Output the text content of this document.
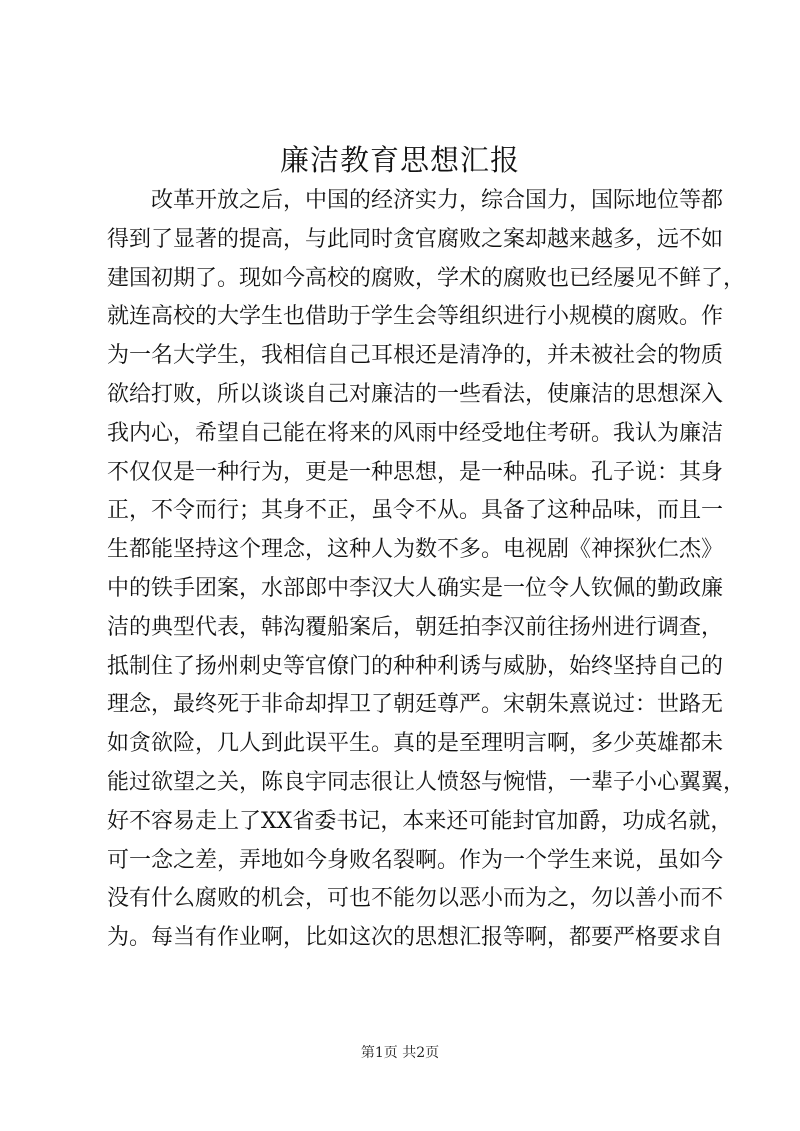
廉洁教育思想汇报
改革开放之后，中国的经济实力，综合国力，国际地位等都
得到了显著的提高，与此同时贪官腐败之案却越来越多，远不如
建国初期了。现如今高校的腐败，学术的腐败也已经屡见不鲜了，
就连高校的大学生也借助于学生会等组织进行小规模的腐败。作
为一名大学生，我相信自己耳根还是清净的，并未被社会的物质
欲给打败，所以谈谈自己对廉洁的一些看法，使廉洁的思想深入
我内心，希望自己能在将来的风雨中经受地住考研。我认为廉洁
不仅仅是一种行为，更是一种思想，是一种品味。孔子说：其身
正，不令而行；其身不正，虽令不从。具备了这种品味，而且一
生都能坚持这个理念，这种人为数不多。电视剧《神探狄仁杰》
中的铁手团案，水部郎中李汉大人确实是一位令人钦佩的勤政廉
洁的典型代表，韩沟覆船案后，朝廷拍李汉前往扬州进行调查，
抵制住了扬州刺史等官僚门的种种利诱与威胁，始终坚持自己的
理念，最终死于非命却捍卫了朝廷尊严。宋朝朱熹说过：世路无
如贪欲险，几人到此误平生。真的是至理明言啊，多少英雄都未
能过欲望之关，陈良宇同志很让人愤怒与惋惜，一辈子小心翼翼，
好不容易走上了XX省委书记，本来还可能封官加爵，功成名就，
可一念之差，弄地如今身败名裂啊。作为一个学生来说，虽如今
没有什么腐败的机会，可也不能勿以恶小而为之，勿以善小而不
为。每当有作业啊，比如这次的思想汇报等啊，都要严格要求自
第1页 共2页
